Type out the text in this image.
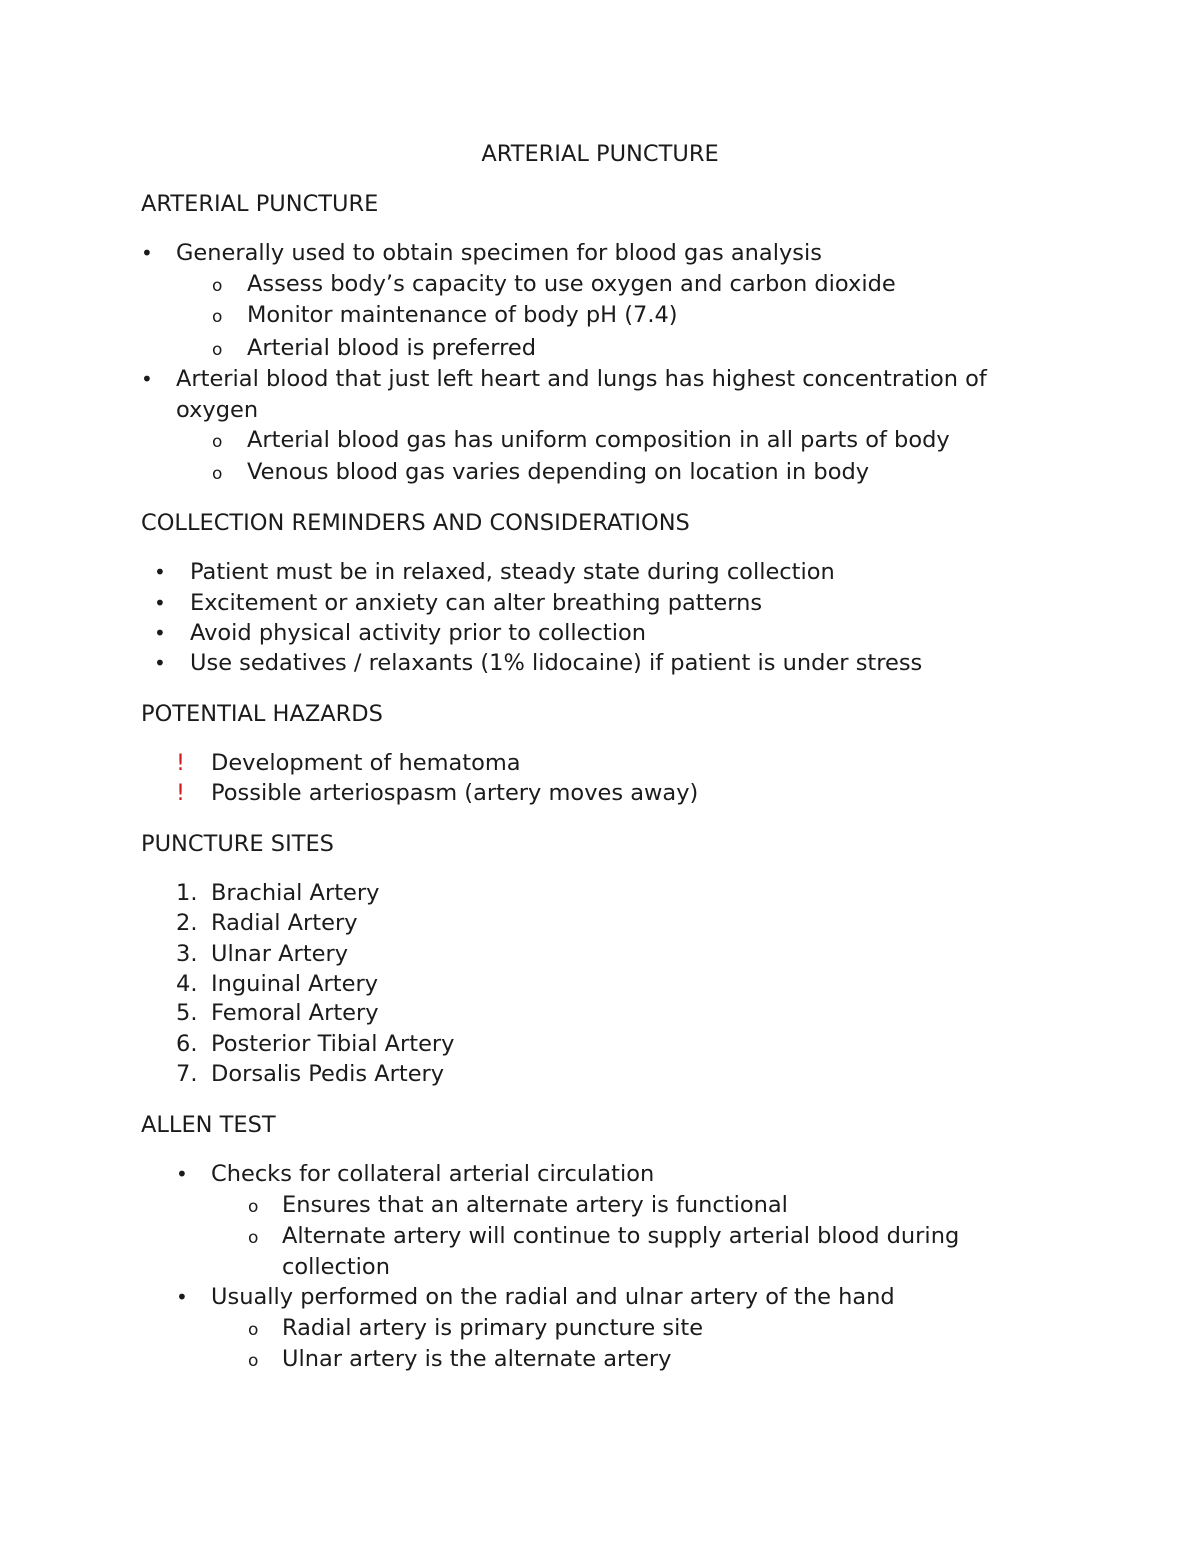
ARTERIAL PUNCTURE
ARTERIAL PUNCTURE
• Generally used to obtain specimen for blood gas analysis
o Assess body’s capacity to use oxygen and carbon dioxide
o Monitor maintenance of body pH (7.4)
o Arterial blood is preferred
• Arterial blood that just left heart and lungs has highest concentration of
oxygen
o Arterial blood gas has uniform composition in all parts of body
o Venous blood gas varies depending on location in body
COLLECTION REMINDERS AND CONSIDERATIONS
• Patient must be in relaxed, steady state during collection
• Excitement or anxiety can alter breathing patterns
• Avoid physical activity prior to collection
• Use sedatives / relaxants (1% lidocaine) if patient is under stress
POTENTIAL HAZARDS
! Development of hematoma
! Possible arteriospasm (artery moves away)
PUNCTURE SITES
1. Brachial Artery
2. Radial Artery
3. Ulnar Artery
4. Inguinal Artery
5. Femoral Artery
6. Posterior Tibial Artery
7. Dorsalis Pedis Artery
ALLEN TEST
• Checks for collateral arterial circulation
o Ensures that an alternate artery is functional
o Alternate artery will continue to supply arterial blood during
collection
• Usually performed on the radial and ulnar artery of the hand
o Radial artery is primary puncture site
o Ulnar artery is the alternate artery
